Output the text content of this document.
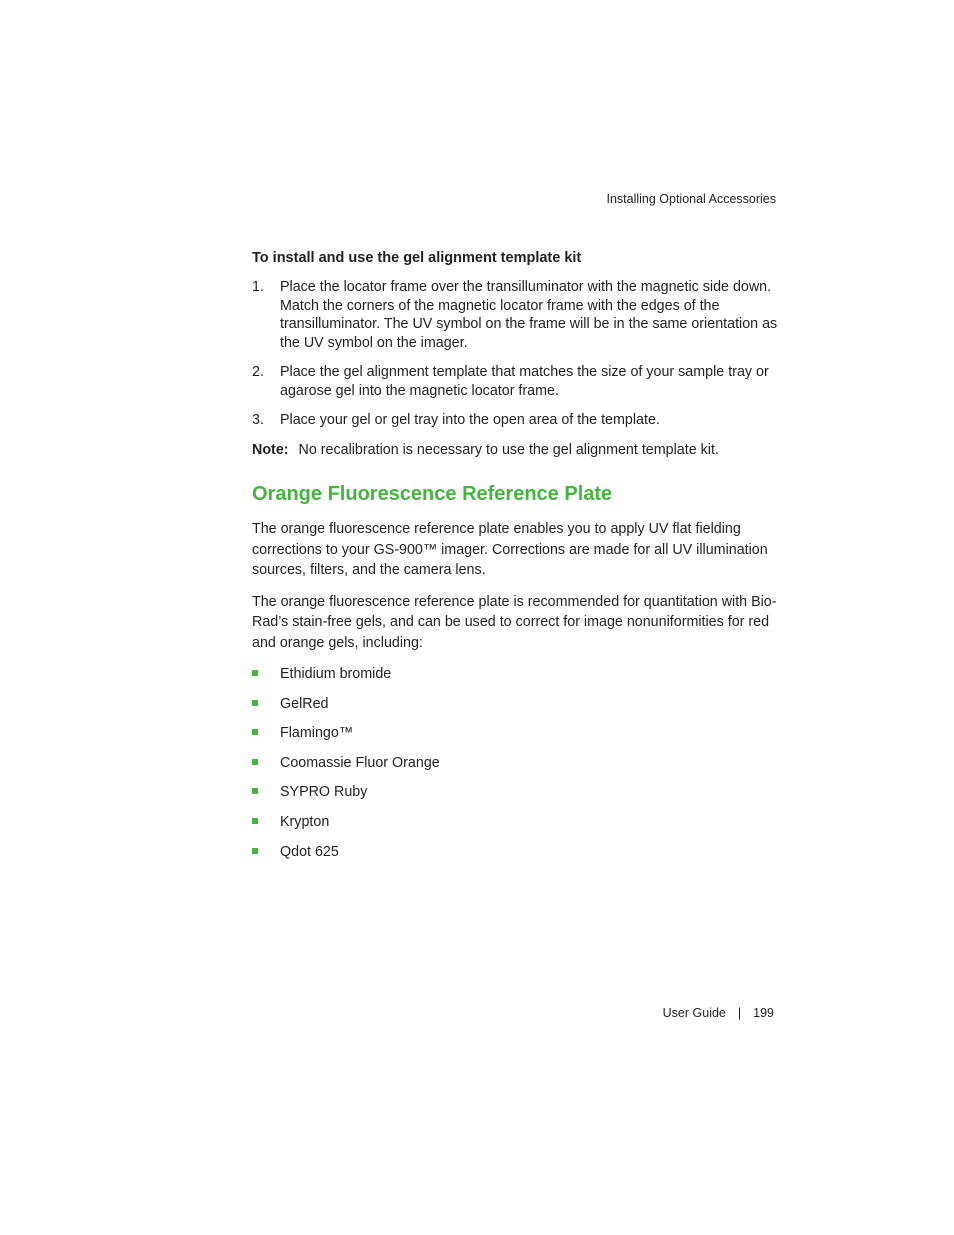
Installing Optional Accessories
To install and use the gel alignment template kit
1. Place the locator frame over the transilluminator with the magnetic side down. Match the corners of the magnetic locator frame with the edges of the transilluminator. The UV symbol on the frame will be in the same orientation as the UV symbol on the imager.
2. Place the gel alignment template that matches the size of your sample tray or agarose gel into the magnetic locator frame.
3. Place your gel or gel tray into the open area of the template.
Note: No recalibration is necessary to use the gel alignment template kit.
Orange Fluorescence Reference Plate

The orange fluorescence reference plate enables you to apply UV flat fielding corrections to your GS-900™ imager. Corrections are made for all UV illumination sources, filters, and the camera lens.

The orange fluorescence reference plate is recommended for quantitation with Bio-Rad’s stain-free gels, and can be used to correct for image nonuniformities for red and orange gels, including:

Ethidium bromide
GelRed
Flamingo™
Coomassie Fluor Orange
SYPRO Ruby
Krypton
Qdot 625
User Guide | 199
